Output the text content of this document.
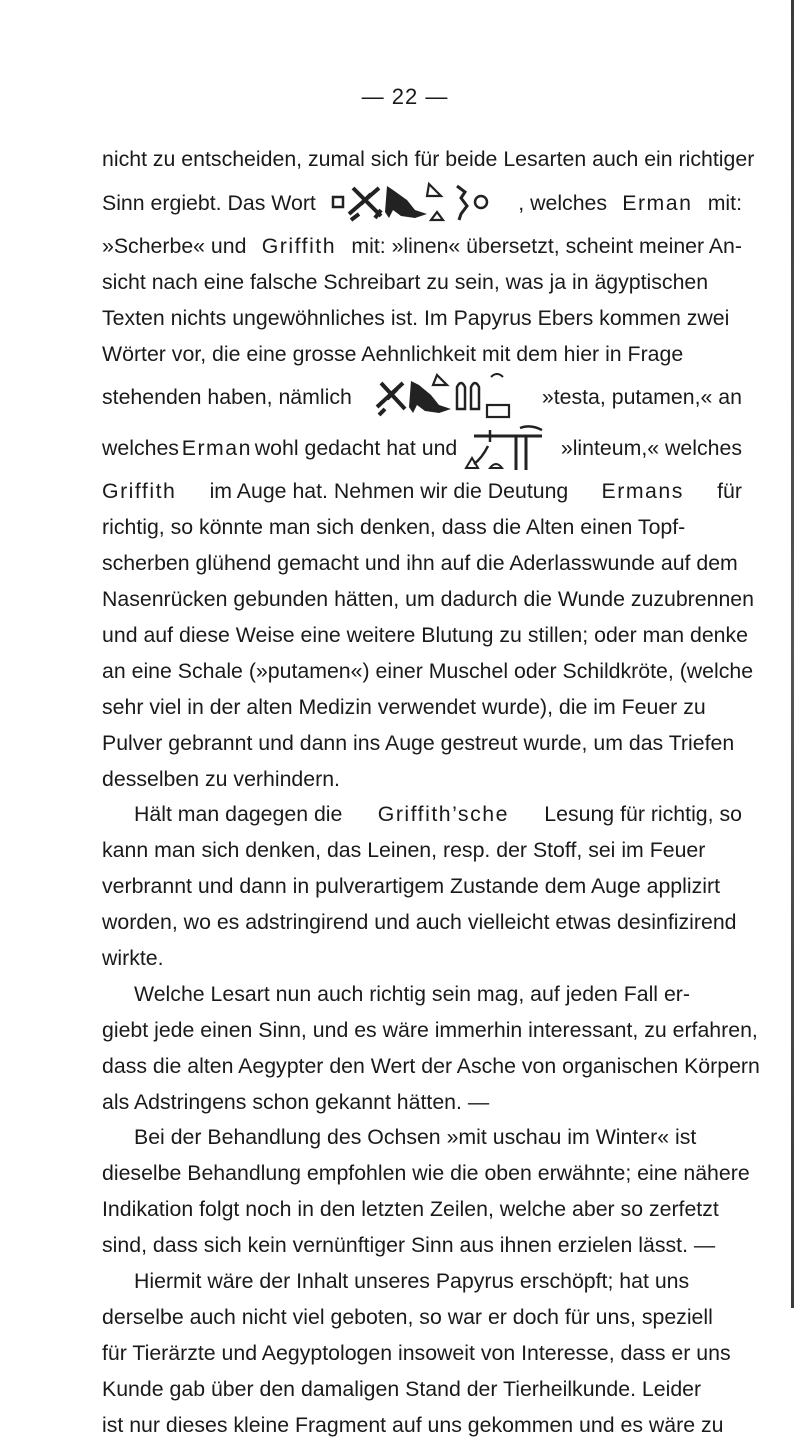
— 22 —
nicht zu entscheiden, zumal sich für beide Lesarten auch ein richtiger
Sinn ergiebt. Das Wort	, welches Erman mit:
»Scherbe« und Griffith mit: »linen« übersetzt, scheint meiner An-
sicht nach eine falsche Schreibart zu sein, was ja in ägyptischen
Texten nichts ungewöhnliches ist. Im Papyrus Ebers kommen zwei
Wörter vor, die eine grosse Aehnlichkeit mit dem hier in Frage
stehenden haben, nämlich	»testa, putamen,« an
welches Erman wohl gedacht hat und	»linteum,« welches
Griffith im Auge hat. Nehmen wir die Deutung Ermans für
richtig, so könnte man sich denken, dass die Alten einen Topf-
scherben glühend gemacht und ihn auf die Aderlasswunde auf dem
Nasenrücken gebunden hätten, um dadurch die Wunde zuzubrennen
und auf diese Weise eine weitere Blutung zu stillen; oder man denke
an eine Schale (»putamen«) einer Muschel oder Schildkröte, (welche
sehr viel in der alten Medizin verwendet wurde), die im Feuer zu
Pulver gebrannt und dann ins Auge gestreut wurde, um das Triefen
desselben zu verhindern.
Hält man dagegen die Griffith’sche Lesung für richtig, so
kann man sich denken, das Leinen, resp. der Stoff, sei im Feuer
verbrannt und dann in pulverartigem Zustande dem Auge applizirt
worden, wo es adstringirend und auch vielleicht etwas desinfizirend
wirkte.
Welche Lesart nun auch richtig sein mag, auf jeden Fall er-
giebt jede einen Sinn, und es wäre immerhin interessant, zu erfahren,
dass die alten Aegypter den Wert der Asche von organischen Körpern
als Adstringens schon gekannt hätten. —
Bei der Behandlung des Ochsen »mit uschau im Winter« ist
dieselbe Behandlung empfohlen wie die oben erwähnte; eine nähere
Indikation folgt noch in den letzten Zeilen, welche aber so zerfetzt
sind, dass sich kein vernünftiger Sinn aus ihnen erzielen lässt. —
Hiermit wäre der Inhalt unseres Papyrus erschöpft; hat uns
derselbe auch nicht viel geboten, so war er doch für uns, speziell
für Tierärzte und Aegyptologen insoweit von Interesse, dass er uns
Kunde gab über den damaligen Stand der Tierheilkunde. Leider
ist nur dieses kleine Fragment auf uns gekommen und es wäre zu
